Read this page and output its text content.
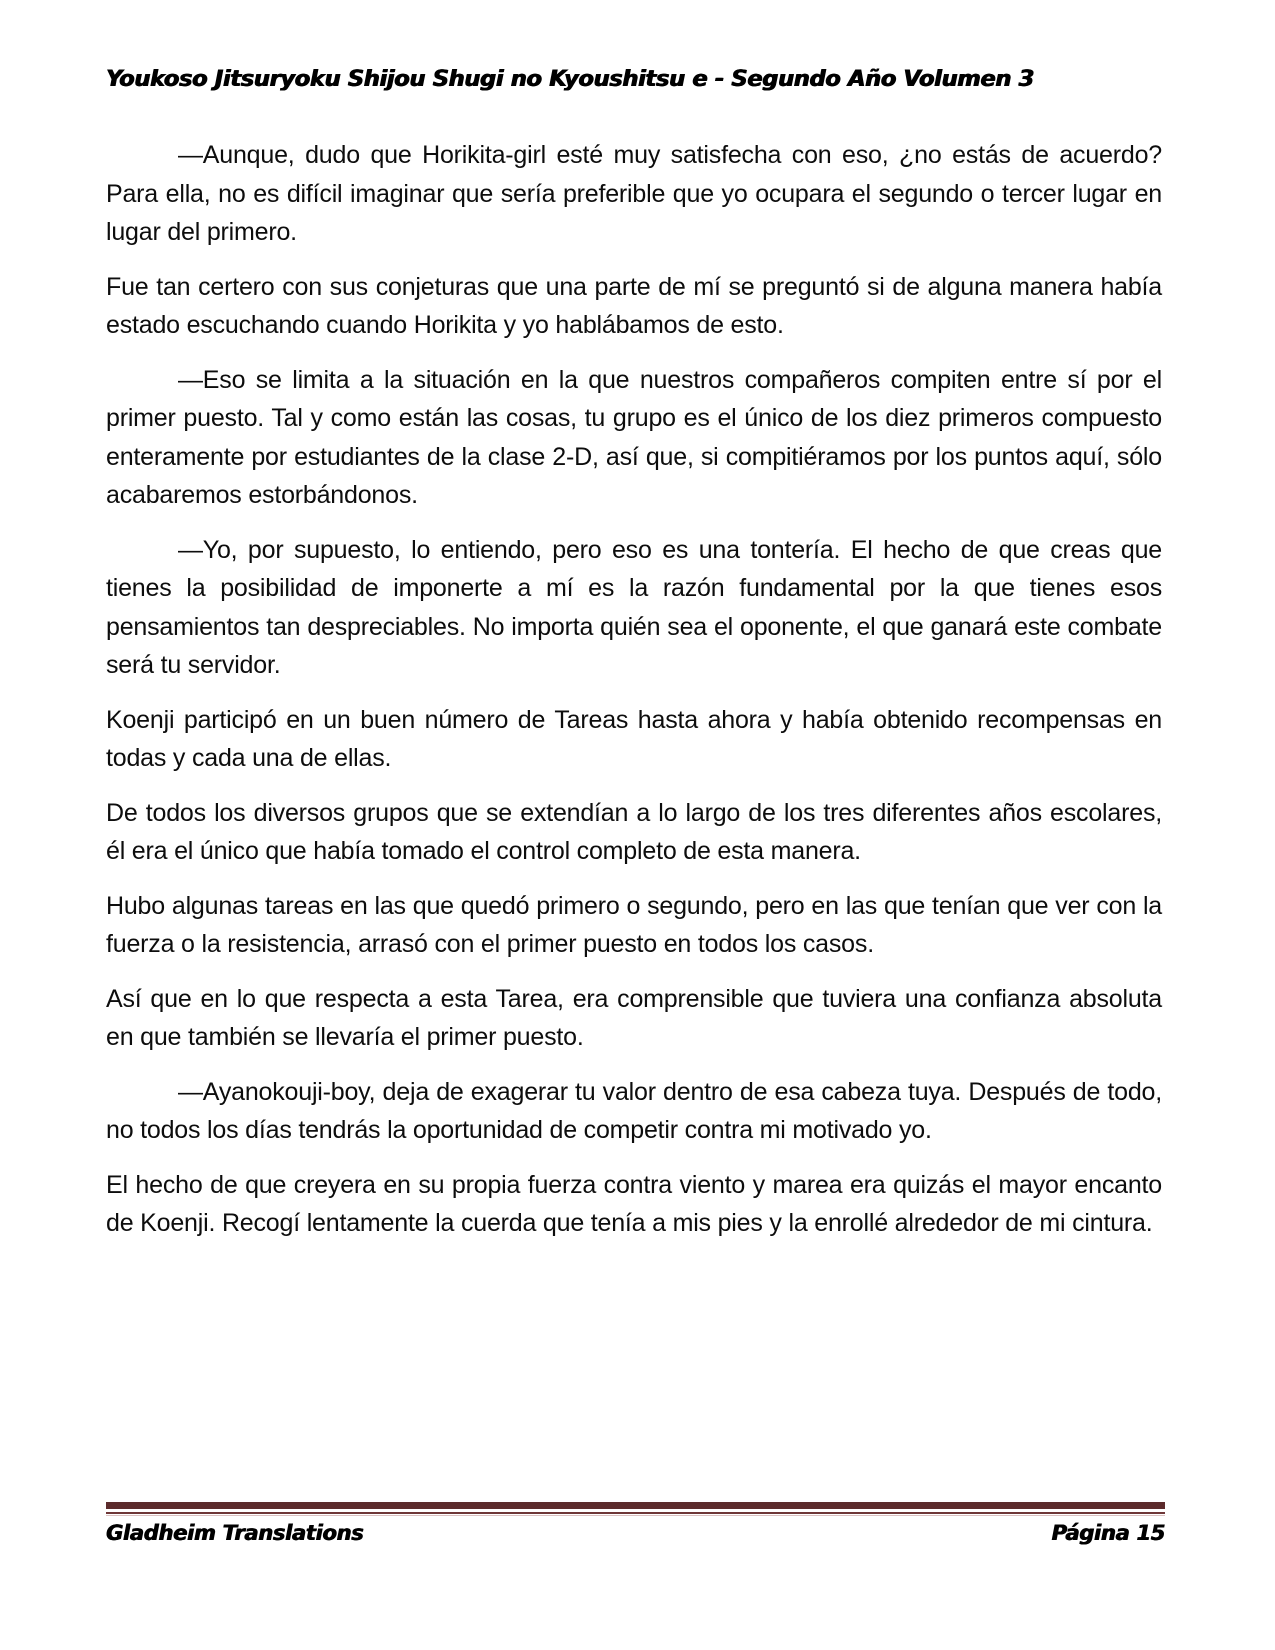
Youkoso Jitsuryoku Shijou Shugi no Kyoushitsu e - Segundo Año Volumen 3

—Aunque, dudo que Horikita-girl esté muy satisfecha con eso, ¿no estás de acuerdo? Para ella, no es difícil imaginar que sería preferible que yo ocupara el segundo o tercer lugar en lugar del primero.

Fue tan certero con sus conjeturas que una parte de mí se preguntó si de alguna manera había estado escuchando cuando Horikita y yo hablábamos de esto.

—Eso se limita a la situación en la que nuestros compañeros compiten entre sí por el primer puesto. Tal y como están las cosas, tu grupo es el único de los diez primeros compuesto enteramente por estudiantes de la clase 2-D, así que, si compitiéramos por los puntos aquí, sólo acabaremos estorbándonos.

—Yo, por supuesto, lo entiendo, pero eso es una tontería. El hecho de que creas que tienes la posibilidad de imponerte a mí es la razón fundamental por la que tienes esos pensamientos tan despreciables. No importa quién sea el oponente, el que ganará este combate será tu servidor.

Koenji participó en un buen número de Tareas hasta ahora y había obtenido recompensas en todas y cada una de ellas.

De todos los diversos grupos que se extendían a lo largo de los tres diferentes años escolares, él era el único que había tomado el control completo de esta manera.

Hubo algunas tareas en las que quedó primero o segundo, pero en las que tenían que ver con la fuerza o la resistencia, arrasó con el primer puesto en todos los casos.

Así que en lo que respecta a esta Tarea, era comprensible que tuviera una confianza absoluta en que también se llevaría el primer puesto.

—Ayanokouji-boy, deja de exagerar tu valor dentro de esa cabeza tuya. Después de todo, no todos los días tendrás la oportunidad de competir contra mi motivado yo.

El hecho de que creyera en su propia fuerza contra viento y marea era quizás el mayor encanto de Koenji. Recogí lentamente la cuerda que tenía a mis pies y la enrollé alrededor de mi cintura.

Gladheim Translations	Página 15
